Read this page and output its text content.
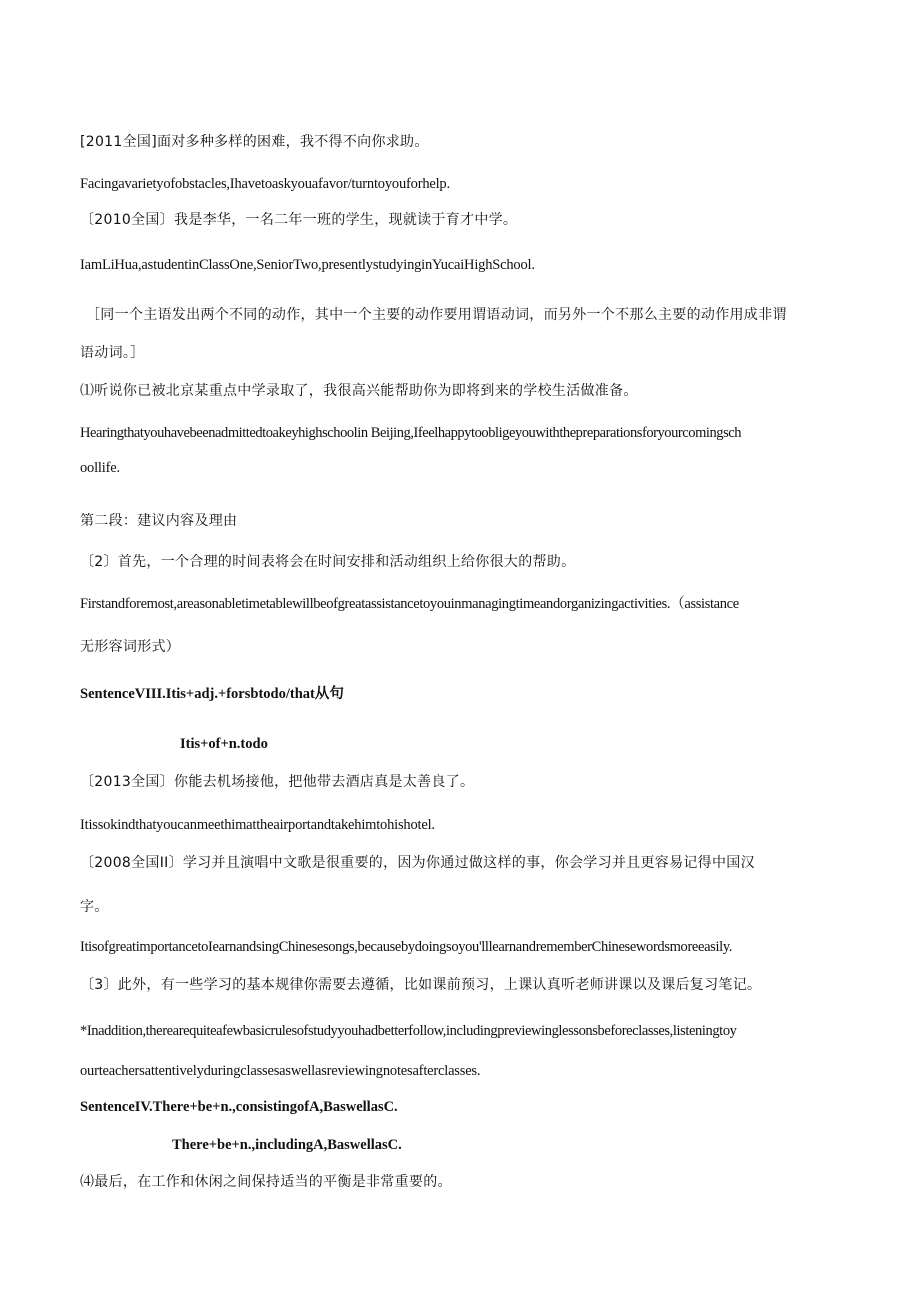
[2011全国]面对多种多样的困难，我不得不向你求助。
Facingavarietyofobstacles,Ihavetoaskyouafavor/turntoyouforhelp.
〔2010全国〕我是李华，一名二年一班的学生，现就读于育才中学。
IamLiHua,astudentinClassOne,SeniorTwo,presentlystudyinginYucaiHighSchool.
［同一个主语发出两个不同的动作，其中一个主要的动作要用谓语动词，而另外一个不那么主要的动作用成非谓
语动词。］
⑴听说你已被北京某重点中学录取了，我很高兴能帮助你为即将到来的学校生活做准备。
Hearingthatyouhavebeenadmittedtoakeyhighschoolin Beijing,Ifeelhappytoobligeyouwiththepreparationsforyourcomingsch
oollife.
第二段：建议内容及理由
〔2〕首先，一个合理的时间表将会在时间安排和活动组织上给你很大的帮助。
Firstandforemost,areasonabletimetablewillbeofgreatassistancetoyouinmanagingtimeandorganizingactivities.（assistance
无形容词形式）
SentenceVIII.Itis+adj.+forsbtodo/that从句
Itis+of+n.todo
〔2013全国〕你能去机场接他，把他带去酒店真是太善良了。
Itissokindthatyoucanmeethimattheairportandtakehimtohishotel.
〔2008全国II〕学习并且演唱中文歌是很重要的，因为你通过做这样的事，你会学习并且更容易记得中国汉
字。
ItisofgreatimportancetoIearnandsingChinesesongs,becausebydoingsoyou'lllearnandrememberChinesewordsmoreeasily.
〔3〕此外，有一些学习的基本规律你需要去遵循，比如课前预习，上课认真听老师讲课以及课后复习笔记。
*Inaddition,therearequiteafewbasicrulesofstudyyouhadbetterfollow,includingpreviewinglessonsbeforeclasses,listeningtoy
ourteachersattentivelyduringclassesaswellasreviewingnotesafterclasses.
SentenceIV.There+be+n.,consistingofA,BaswellasC.
There+be+n.,includingA,BaswellasC.
⑷最后，在工作和休闲之间保持适当的平衡是非常重要的。
